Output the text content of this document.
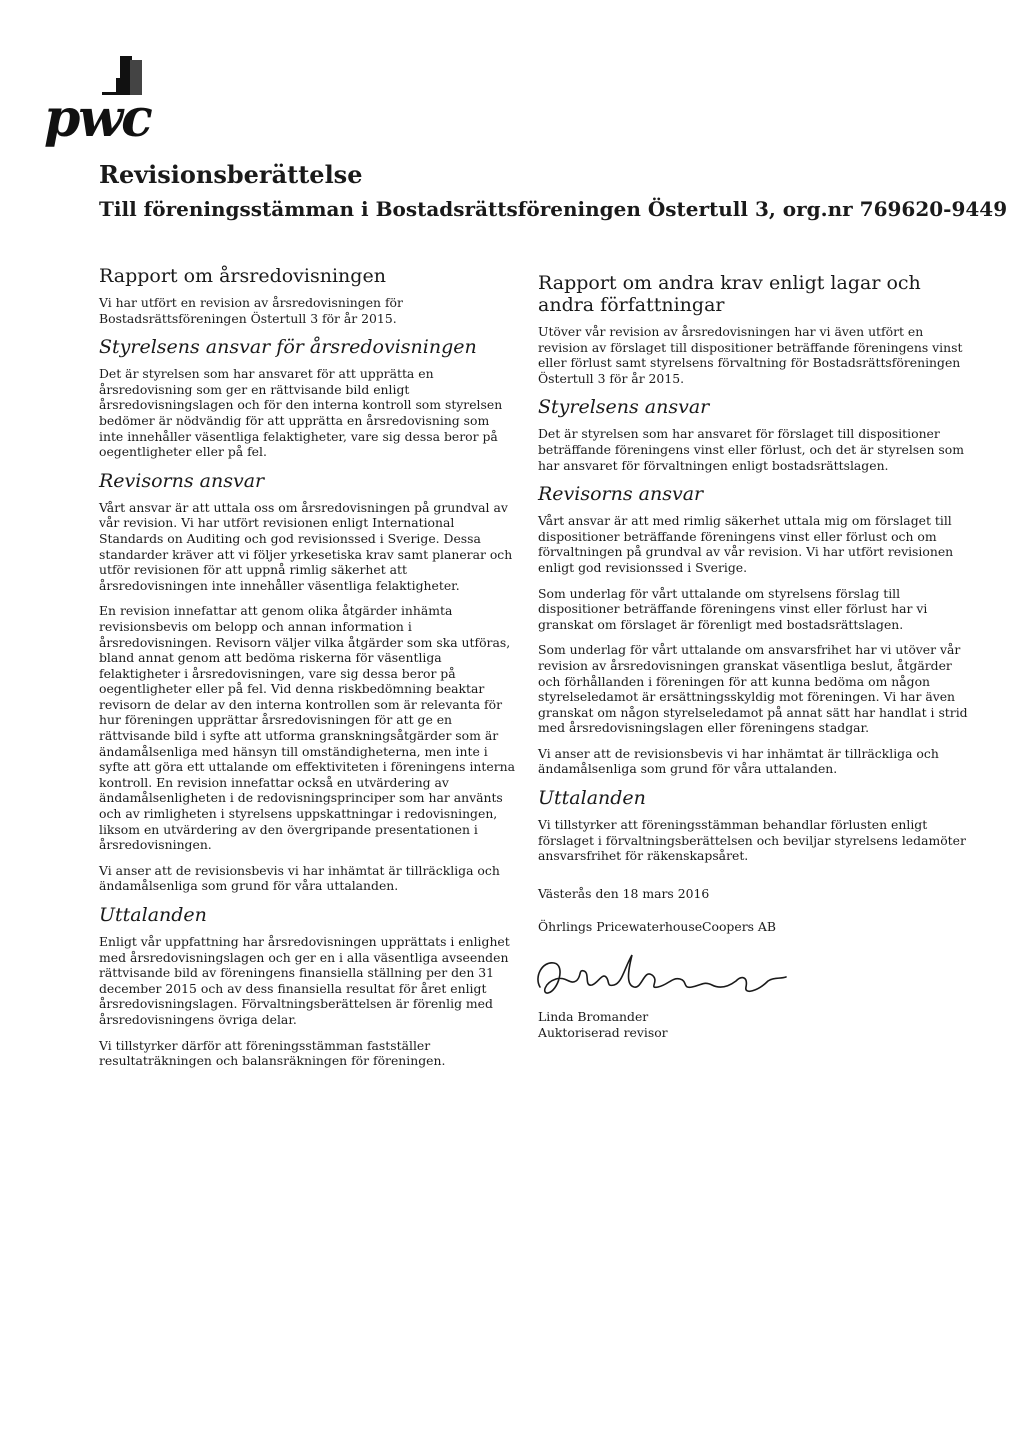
pwc
Revisionsberättelse
Till föreningsstämman i Bostadsrättsföreningen Östertull 3, org.nr 769620-9449
Rapport om årsredovisningen

Vi har utfört en revision av årsredovisningen för Bostadsrättsföreningen Östertull 3 för år 2015.

Styrelsens ansvar för årsredovisningen

Det är styrelsen som har ansvaret för att upprätta en årsredovisning som ger en rättvisande bild enligt årsredovisningslagen och för den interna kontroll som styrelsen bedömer är nödvändig för att upprätta en årsredovisning som inte innehåller väsentliga felaktigheter, vare sig dessa beror på oegentligheter eller på fel.

Revisorns ansvar

Vårt ansvar är att uttala oss om årsredovisningen på grundval av vår revision. Vi har utfört revisionen enligt International Standards on Auditing och god revisionssed i Sverige. Dessa standarder kräver att vi följer yrkesetiska krav samt planerar och utför revisionen för att uppnå rimlig säkerhet att årsredovisningen inte innehåller väsentliga felaktigheter.

En revision innefattar att genom olika åtgärder inhämta revisionsbevis om belopp och annan information i årsredovisningen. Revisorn väljer vilka åtgärder som ska utföras, bland annat genom att bedöma riskerna för väsentliga felaktigheter i årsredovisningen, vare sig dessa beror på oegentligheter eller på fel. Vid denna riskbedömning beaktar revisorn de delar av den interna kontrollen som är relevanta för hur föreningen upprättar årsredovisningen för att ge en rättvisande bild i syfte att utforma granskningsåtgärder som är ändamålsenliga med hänsyn till omständigheterna, men inte i syfte att göra ett uttalande om effektiviteten i föreningens interna kontroll. En revision innefattar också en utvärdering av ändamålsenligheten i de redovisningsprinciper som har använts och av rimligheten i styrelsens uppskattningar i redovisningen, liksom en utvärdering av den övergripande presentationen i årsredovisningen.

Vi anser att de revisionsbevis vi har inhämtat är tillräckliga och ändamålsenliga som grund för våra uttalanden.

Uttalanden

Enligt vår uppfattning har årsredovisningen upprättats i enlighet med årsredovisningslagen och ger en i alla väsentliga avseenden rättvisande bild av föreningens finansiella ställning per den 31 december 2015 och av dess finansiella resultat för året enligt årsredovisningslagen. Förvaltningsberättelsen är förenlig med årsredovisningens övriga delar.

Vi tillstyrker därför att föreningsstämman fastställer resultaträkningen och balansräkningen för föreningen.

Rapport om andra krav enligt lagar och andra författningar

Utöver vår revision av årsredovisningen har vi även utfört en revision av förslaget till dispositioner beträffande föreningens vinst eller förlust samt styrelsens förvaltning för Bostadsrättsföreningen Östertull 3 för år 2015.

Styrelsens ansvar

Det är styrelsen som har ansvaret för förslaget till dispositioner beträffande föreningens vinst eller förlust, och det är styrelsen som har ansvaret för förvaltningen enligt bostadsrättslagen.

Revisorns ansvar

Vårt ansvar är att med rimlig säkerhet uttala mig om förslaget till dispositioner beträffande föreningens vinst eller förlust och om förvaltningen på grundval av vår revision. Vi har utfört revisionen enligt god revisionssed i Sverige.

Som underlag för vårt uttalande om styrelsens förslag till dispositioner beträffande föreningens vinst eller förlust har vi granskat om förslaget är förenligt med bostadsrättslagen.

Som underlag för vårt uttalande om ansvarsfrihet har vi utöver vår revision av årsredovisningen granskat väsentliga beslut, åtgärder och förhållanden i föreningen för att kunna bedöma om någon styrelseledamot är ersättningsskyldig mot föreningen. Vi har även granskat om någon styrelseledamot på annat sätt har handlat i strid med årsredovisningslagen eller föreningens stadgar.

Vi anser att de revisionsbevis vi har inhämtat är tillräckliga och ändamålsenliga som grund för våra uttalanden.

Uttalanden

Vi tillstyrker att föreningsstämman behandlar förlusten enligt förslaget i förvaltningsberättelsen och beviljar styrelsens ledamöter ansvarsfrihet för räkenskapsåret.

Västerås den 18 mars 2016

Öhrlings PricewaterhouseCoopers AB

Linda Bromander

Auktoriserad revisor
